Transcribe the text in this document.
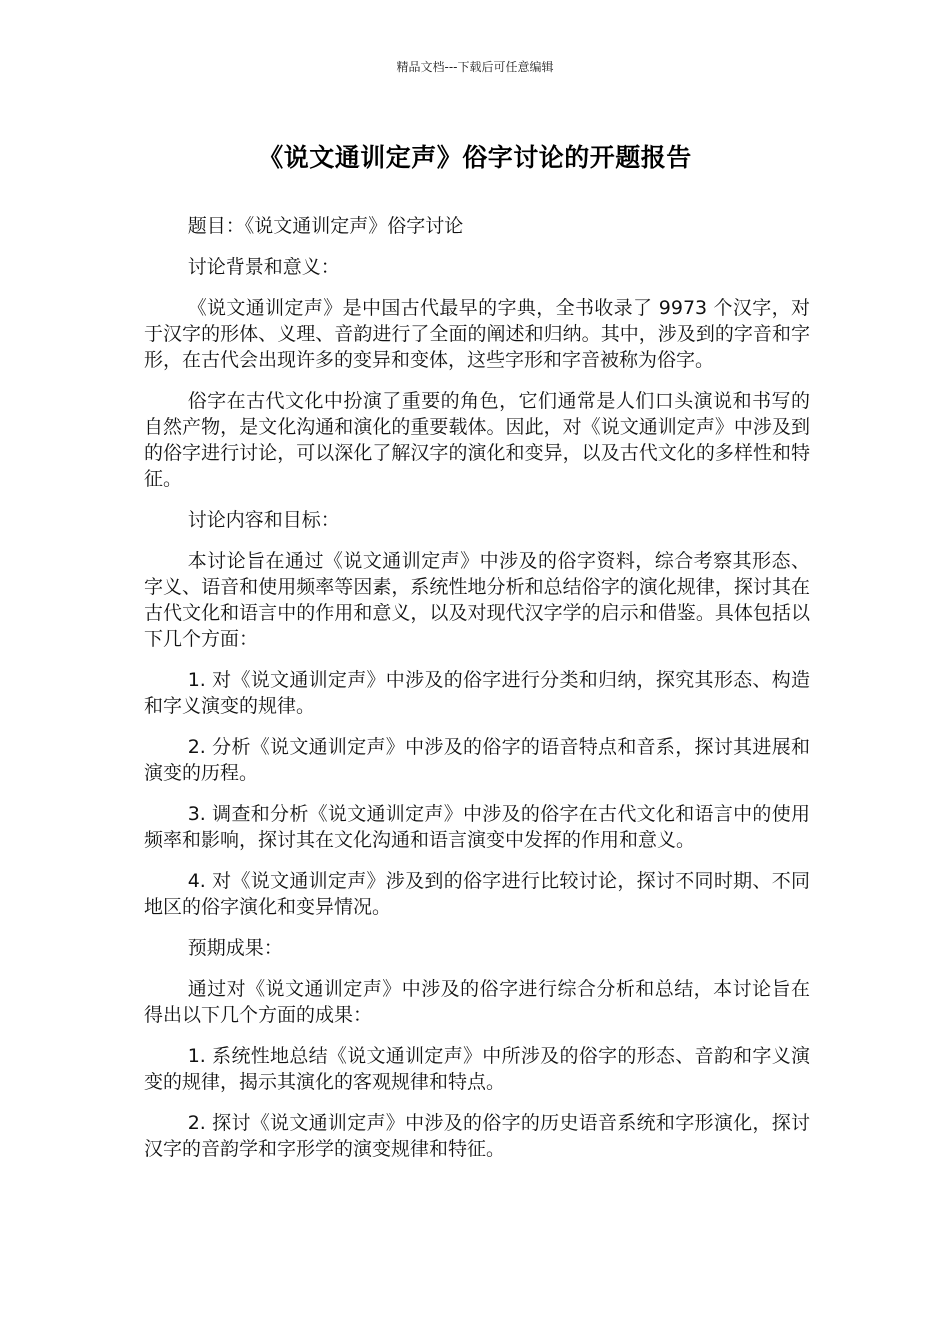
精品文档---下载后可任意编辑
《说文通训定声》俗字讨论的开题报告

题目：《说文通训定声》俗字讨论

讨论背景和意义：

《说文通训定声》是中国古代最早的字典，全书收录了 9973 个汉字，对于汉字的形体、义理、音韵进行了全面的阐述和归纳。其中，涉及到的字音和字形，在古代会出现许多的变异和变体，这些字形和字音被称为俗字。

俗字在古代文化中扮演了重要的角色，它们通常是人们口头演说和书写的自然产物，是文化沟通和演化的重要载体。因此，对《说文通训定声》中涉及到的俗字进行讨论，可以深化了解汉字的演化和变异，以及古代文化的多样性和特征。

讨论内容和目标：

本讨论旨在通过《说文通训定声》中涉及的俗字资料，综合考察其形态、字义、语音和使用频率等因素，系统性地分析和总结俗字的演化规律，探讨其在古代文化和语言中的作用和意义，以及对现代汉字学的启示和借鉴。具体包括以下几个方面：

1. 对《说文通训定声》中涉及的俗字进行分类和归纳，探究其形态、构造和字义演变的规律。

2. 分析《说文通训定声》中涉及的俗字的语音特点和音系，探讨其进展和演变的历程。

3. 调查和分析《说文通训定声》中涉及的俗字在古代文化和语言中的使用频率和影响，探讨其在文化沟通和语言演变中发挥的作用和意义。

4. 对《说文通训定声》涉及到的俗字进行比较讨论，探讨不同时期、不同地区的俗字演化和变异情况。

预期成果：

通过对《说文通训定声》中涉及的俗字进行综合分析和总结，本讨论旨在得出以下几个方面的成果：

1. 系统性地总结《说文通训定声》中所涉及的俗字的形态、音韵和字义演变的规律，揭示其演化的客观规律和特点。

2. 探讨《说文通训定声》中涉及的俗字的历史语音系统和字形演化，探讨汉字的音韵学和字形学的演变规律和特征。
